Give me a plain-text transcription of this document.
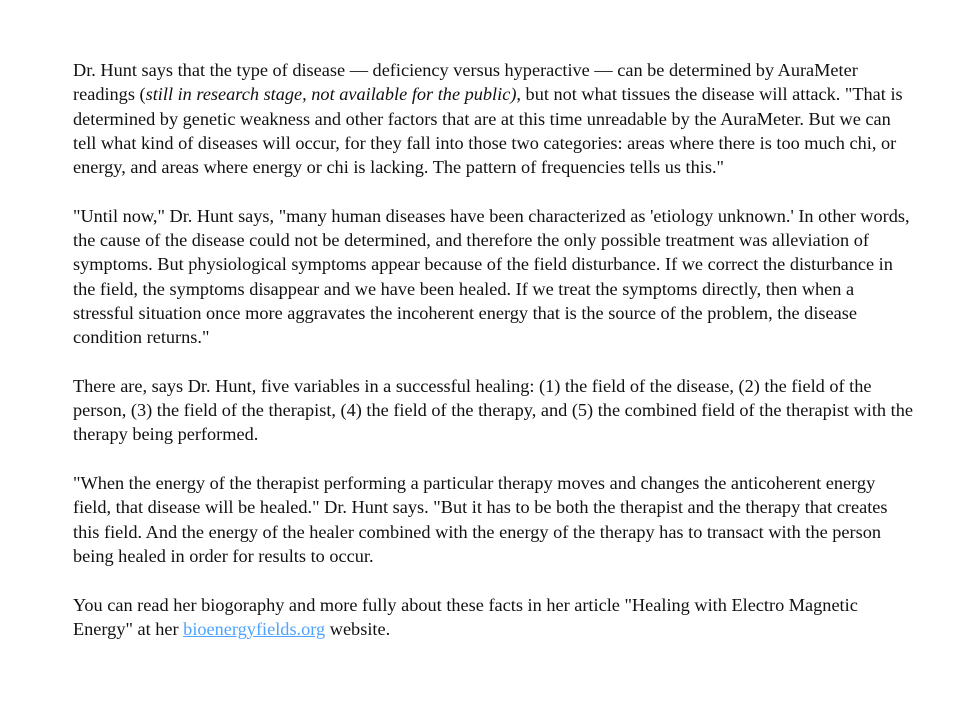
Dr. Hunt says that the type of disease — deficiency versus hyperactive — can be determined by AuraMeter readings (still in research stage, not available for the public), but not what tissues the disease will attack. "That is determined by genetic weakness and other factors that are at this time unreadable by the AuraMeter. But we can tell what kind of diseases will occur, for they fall into those two categories: areas where there is too much chi, or energy, and areas where energy or chi is lacking. The pattern of frequencies tells us this."

"Until now," Dr. Hunt says, "many human diseases have been characterized as 'etiology unknown.' In other words, the cause of the disease could not be determined, and therefore the only possible treatment was alleviation of symptoms. But physiological symptoms appear because of the field disturbance. If we correct the disturbance in the field, the symptoms disappear and we have been healed. If we treat the symptoms directly, then when a stressful situation once more aggravates the incoherent energy that is the source of the problem, the disease condition returns."

There are, says Dr. Hunt, five variables in a successful healing: (1) the field of the disease, (2) the field of the person, (3) the field of the therapist, (4) the field of the therapy, and (5) the combined field of the therapist with the therapy being performed.

"When the energy of the therapist performing a particular therapy moves and changes the anticoherent energy field, that disease will be healed." Dr. Hunt says. "But it has to be both the therapist and the therapy that creates this field. And the energy of the healer combined with the energy of the therapy has to transact with the person being healed in order for results to occur.

You can read her biogoraphy and more fully about these facts in her article "Healing with Electro Magnetic Energy" at her bioenergyfields.org website.
